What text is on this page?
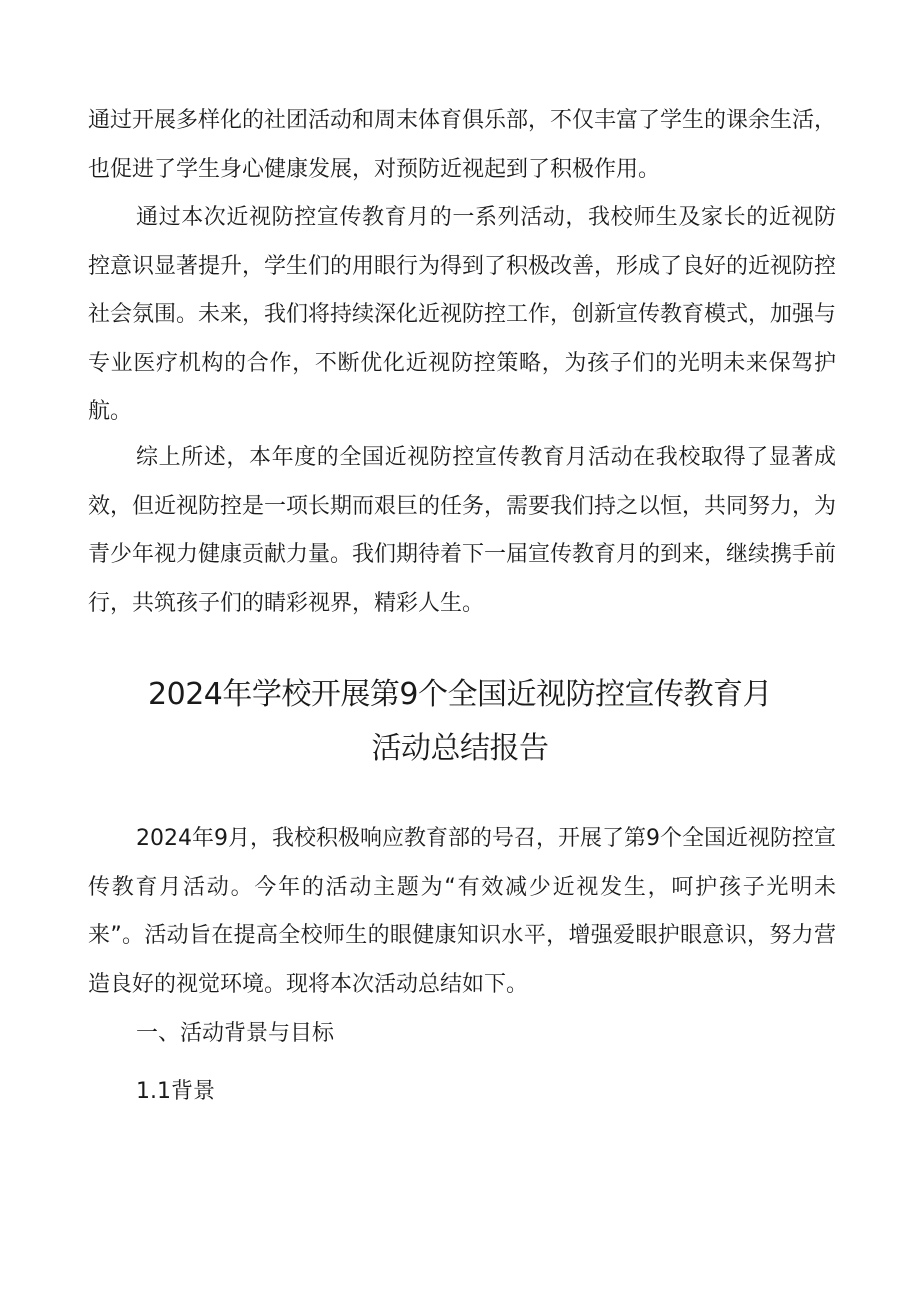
通过开展多样化的社团活动和周末体育俱乐部，不仅丰富了学生的课余生活，也促进了学生身心健康发展，对预防近视起到了积极作用。

通过本次近视防控宣传教育月的一系列活动，我校师生及家长的近视防控意识显著提升，学生们的用眼行为得到了积极改善，形成了良好的近视防控社会氛围。未来，我们将持续深化近视防控工作，创新宣传教育模式，加强与专业医疗机构的合作，不断优化近视防控策略，为孩子们的光明未来保驾护航。

综上所述，本年度的全国近视防控宣传教育月活动在我校取得了显著成效，但近视防控是一项长期而艰巨的任务，需要我们持之以恒，共同努力，为青少年视力健康贡献力量。我们期待着下一届宣传教育月的到来，继续携手前行，共筑孩子们的睛彩视界，精彩人生。

2024年学校开展第9个全国近视防控宣传教育月
活动总结报告

2024年9月，我校积极响应教育部的号召，开展了第9个全国近视防控宣传教育月活动。今年的活动主题为“有效减少近视发生，呵护孩子光明未来”。活动旨在提高全校师生的眼健康知识水平，增强爱眼护眼意识，努力营造良好的视觉环境。现将本次活动总结如下。

一、活动背景与目标

1.1背景
